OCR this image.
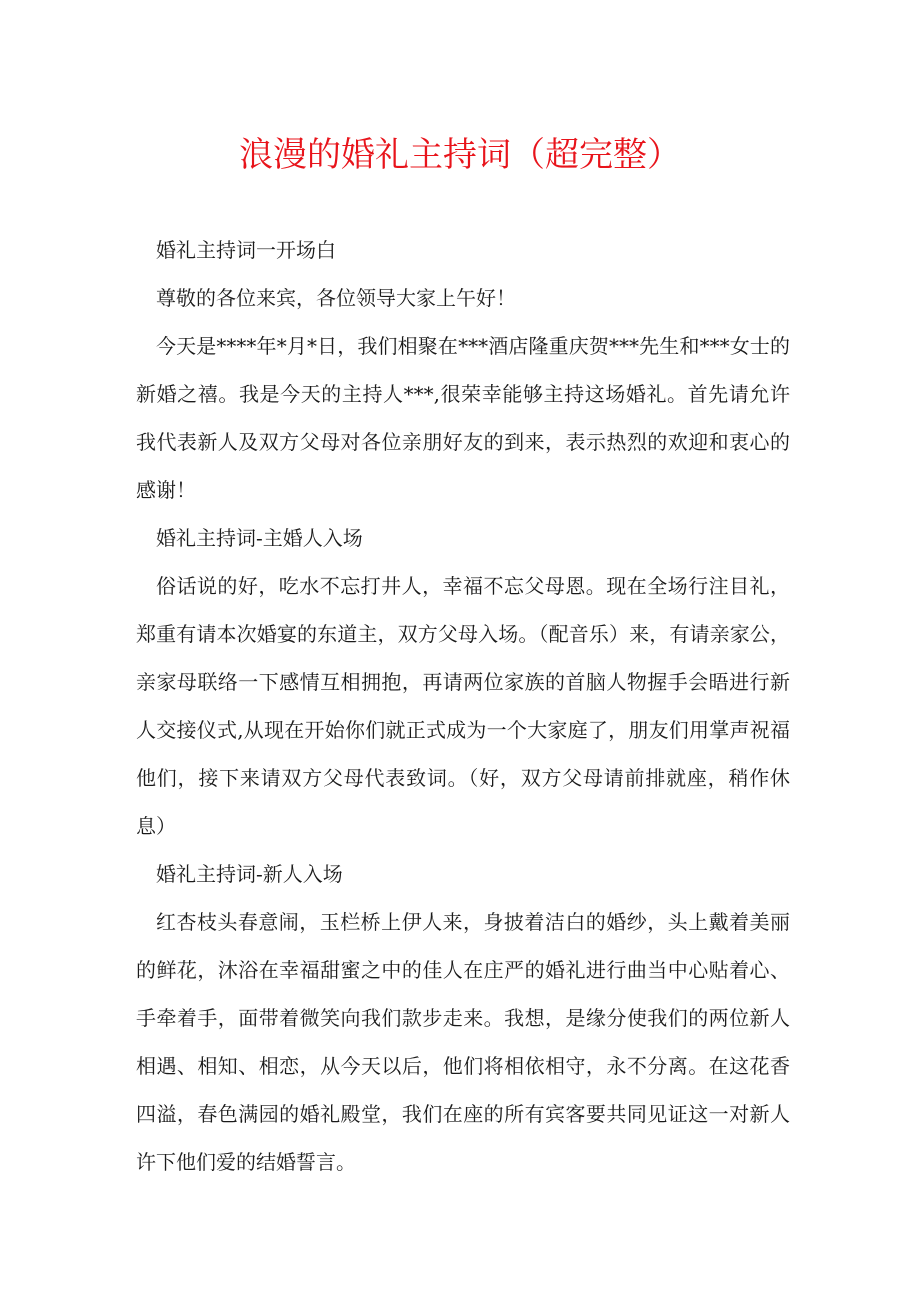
浪漫的婚礼主持词（超完整）

婚礼主持词一开场白

尊敬的各位来宾，各位领导大家上午好！

今天是****年*月*日，我们相聚在***酒店隆重庆贺***先生和***女士的新婚之禧。我是今天的主持人***,很荣幸能够主持这场婚礼。首先请允许我代表新人及双方父母对各位亲朋好友的到来，表示热烈的欢迎和衷心的感谢！

婚礼主持词-主婚人入场

俗话说的好，吃水不忘打井人，幸福不忘父母恩。现在全场行注目礼，郑重有请本次婚宴的东道主，双方父母入场。（配音乐）来，有请亲家公，亲家母联络一下感情互相拥抱，再请两位家族的首脑人物握手会晤进行新人交接仪式,从现在开始你们就正式成为一个大家庭了，朋友们用掌声祝福他们，接下来请双方父母代表致词。（好，双方父母请前排就座，稍作休息）

婚礼主持词-新人入场

红杏枝头春意闹，玉栏桥上伊人来，身披着洁白的婚纱，头上戴着美丽的鲜花，沐浴在幸福甜蜜之中的佳人在庄严的婚礼进行曲当中心贴着心、手牵着手，面带着微笑向我们款步走来。我想，是缘分使我们的两位新人相遇、相知、相恋，从今天以后，他们将相依相守，永不分离。在这花香四溢，春色满园的婚礼殿堂，我们在座的所有宾客要共同见证这一对新人许下他们爱的结婚誓言。
